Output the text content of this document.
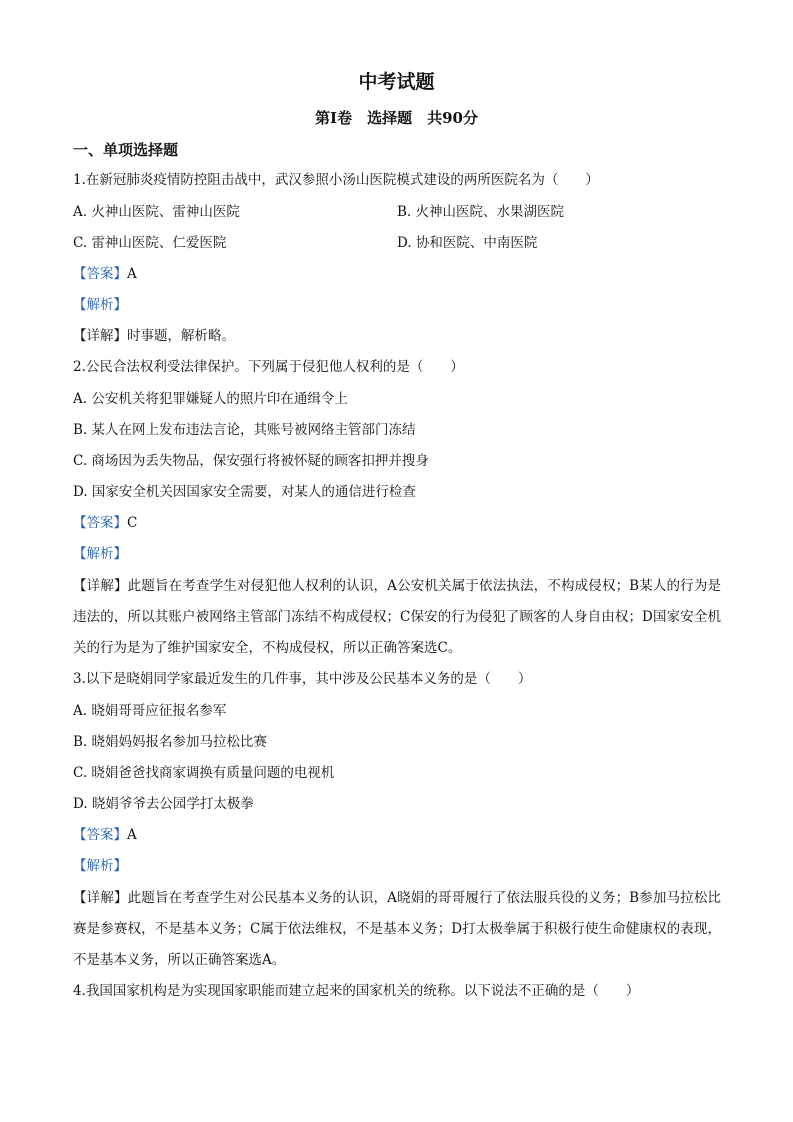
中考试题
第Ⅰ卷　选择题　共90分
一、单项选择题
1.在新冠肺炎疫情防控阻击战中，武汉参照小汤山医院模式建设的两所医院名为（　　）
A. 火神山医院、雷神山医院	B. 火神山医院、水果湖医院
C. 雷神山医院、仁爱医院	D. 协和医院、中南医院
【答案】A
【解析】
【详解】时事题，解析略。
2.公民合法权利受法律保护。下列属于侵犯他人权利的是（　　）
A. 公安机关将犯罪嫌疑人的照片印在通缉令上
B. 某人在网上发布违法言论，其账号被网络主管部门冻结
C. 商场因为丢失物品，保安强行将被怀疑的顾客扣押并搜身
D. 国家安全机关因国家安全需要，对某人的通信进行检查
【答案】C
【解析】
【详解】此题旨在考查学生对侵犯他人权利的认识，A公安机关属于依法执法，不构成侵权；B某人的行为是违法的，所以其账户被网络主管部门冻结不构成侵权；C保安的行为侵犯了顾客的人身自由权；D国家安全机关的行为是为了维护国家安全，不构成侵权，所以正确答案选C。
3.以下是晓娟同学家最近发生的几件事，其中涉及公民基本义务的是（　　）
A. 晓娟哥哥应征报名参军
B. 晓娟妈妈报名参加马拉松比赛
C. 晓娟爸爸找商家调换有质量问题的电视机
D. 晓娟爷爷去公园学打太极拳
【答案】A
【解析】
【详解】此题旨在考查学生对公民基本义务的认识，A晓娟的哥哥履行了依法服兵役的义务；B参加马拉松比赛是参赛权，不是基本义务；C属于依法维权，不是基本义务；D打太极拳属于积极行使生命健康权的表现，不是基本义务，所以正确答案选A。
4.我国国家机构是为实现国家职能而建立起来的国家机关的统称。以下说法不正确的是（　　）
